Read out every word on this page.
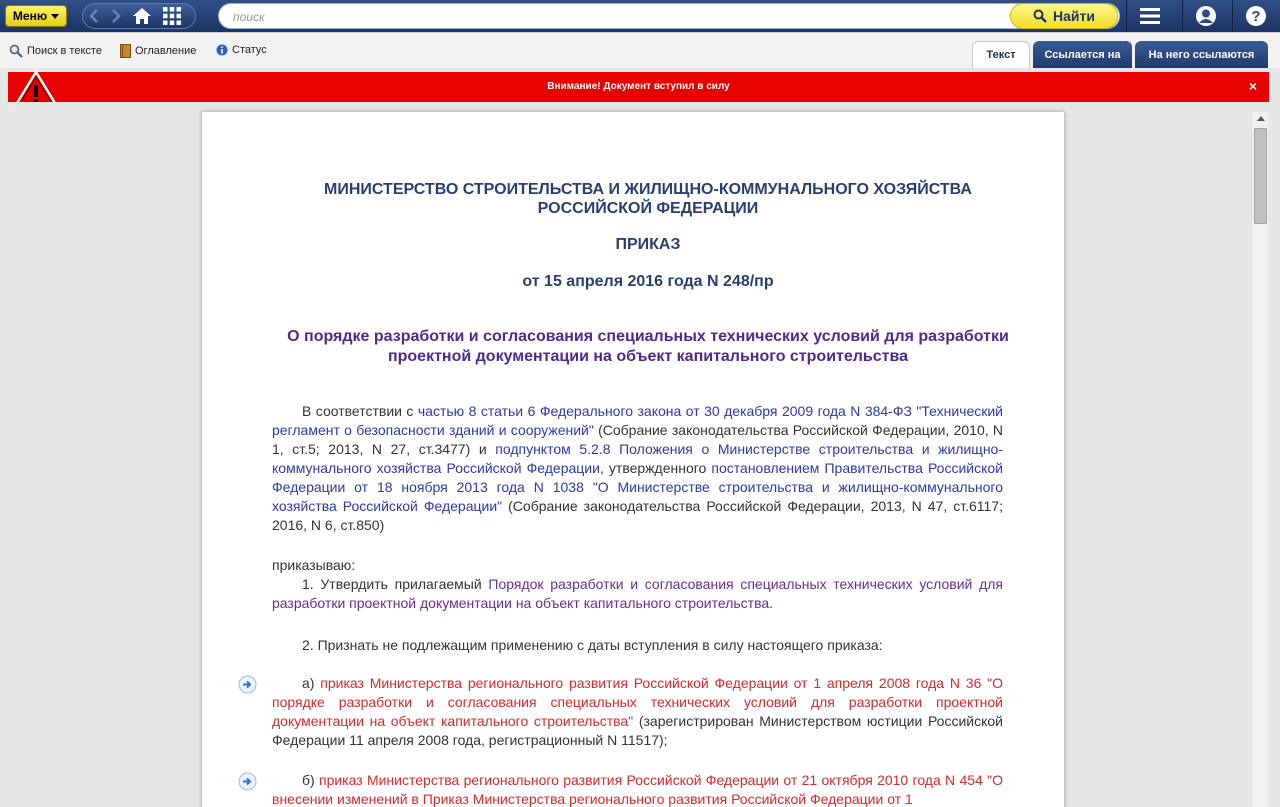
Меню
поиск	Найти	?
Поиск в тексте	Оглавление	Статус	Текст	Ссылается на	На него ссылаются
Внимание! Документ вступил в силу	×
МИНИСТЕРСТВО СТРОИТЕЛЬСТВА И ЖИЛИЩНО-КОММУНАЛЬНОГО ХОЗЯЙСТВА РОССИЙСКОЙ ФЕДЕРАЦИИ
ПРИКАЗ
от 15 апреля 2016 года N 248/пр
О порядке разработки и согласования специальных технических условий для разработки проектной документации на объект капитального строительства
В соответствии с частью 8 статьи 6 Федерального закона от 30 декабря 2009 года N 384-ФЗ "Технический регламент о безопасности зданий и сооружений" (Собрание законодательства Российской Федерации, 2010, N 1, ст.5; 2013, N 27, ст.3477) и подпунктом 5.2.8 Положения о Министерстве строительства и жилищно-коммунального хозяйства Российской Федерации, утвержденного постановлением Правительства Российской Федерации от 18 ноября 2013 года N 1038 "О Министерстве строительства и жилищно-коммунального хозяйства Российской Федерации" (Собрание законодательства Российской Федерации, 2013, N 47, ст.6117; 2016, N 6, ст.850)
приказываю:
1. Утвердить прилагаемый Порядок разработки и согласования специальных технических условий для разработки проектной документации на объект капитального строительства.
2. Признать не подлежащим применению с даты вступления в силу настоящего приказа:
а) приказ Министерства регионального развития Российской Федерации от 1 апреля 2008 года N 36 "О порядке разработки и согласования специальных технических условий для разработки проектной документации на объект капитального строительства" (зарегистрирован Министерством юстиции Российской Федерации 11 апреля 2008 года, регистрационный N 11517);
б) приказ Министерства регионального развития Российской Федерации от 21 октября 2010 года N 454 "О внесении изменений в Приказ Министерства регионального развития Российской Федерации от 1
